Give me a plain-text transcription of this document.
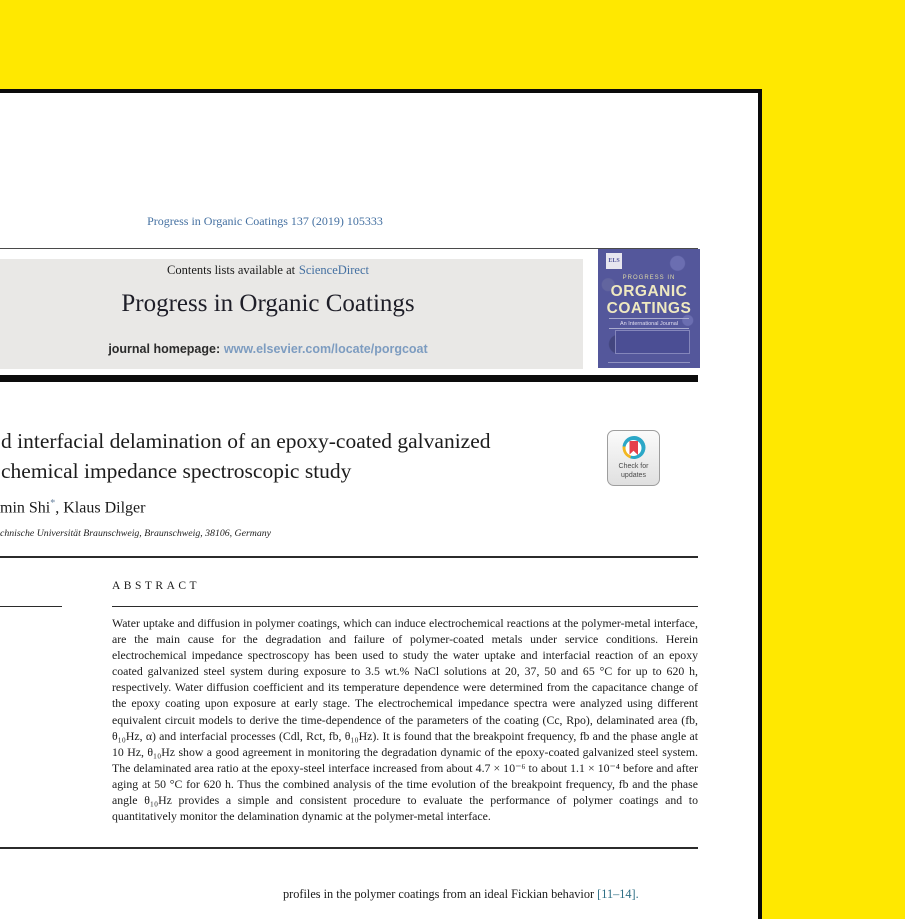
Progress in Organic Coatings 137 (2019) 105333
Contents lists available at ScienceDirect
Progress in Organic Coatings
journal homepage: www.elsevier.com/locate/porgcoat
ELS
PROGRESS IN
ORGANIC
COATINGS
An International Journal
d interfacial delamination of an epoxy-coated galvanized
chemical impedance spectroscopic study	Check for
updates
min Shi*, Klaus Dilger
chnische Universität Braunschweig, Braunschweig, 38106, Germany
ABSTRACT
Water uptake and diffusion in polymer coatings, which can induce electrochemical reactions at the polymer-metal interface, are the main cause for the degradation and failure of polymer-coated metals under service conditions. Herein electrochemical impedance spectroscopy has been used to study the water uptake and interfacial reaction of an epoxy coated galvanized steel system during exposure to 3.5 wt.% NaCl solutions at 20, 37, 50 and 65 °C for up to 620 h, respectively. Water diffusion coefficient and its temperature dependence were determined from the capacitance change of the epoxy coating upon exposure at early stage. The electrochemical impedance spectra were analyzed using different equivalent circuit models to derive the time-dependence of the parameters of the coating (Cc, Rpo), delaminated area (fb, θ₁₀Hz, α) and interfacial processes (Cdl, Rct, fb, θ₁₀Hz). It is found that the breakpoint frequency, fb and the phase angle at 10 Hz, θ₁₀Hz show a good agreement in monitoring the degradation dynamic of the epoxy-coated galvanized steel system. The delaminated area ratio at the epoxy-steel interface increased from about 4.7 × 10⁻⁶ to about 1.1 × 10⁻⁴ before and after aging at 50 °C for 620 h. Thus the combined analysis of the time evolution of the breakpoint frequency, fb and the phase angle θ₁₀Hz provides a simple and consistent procedure to evaluate the performance of polymer coatings and to quantitatively monitor the delamination dynamic at the polymer-metal interface.
profiles in the polymer coatings from an ideal Fickian behavior [11–14].
